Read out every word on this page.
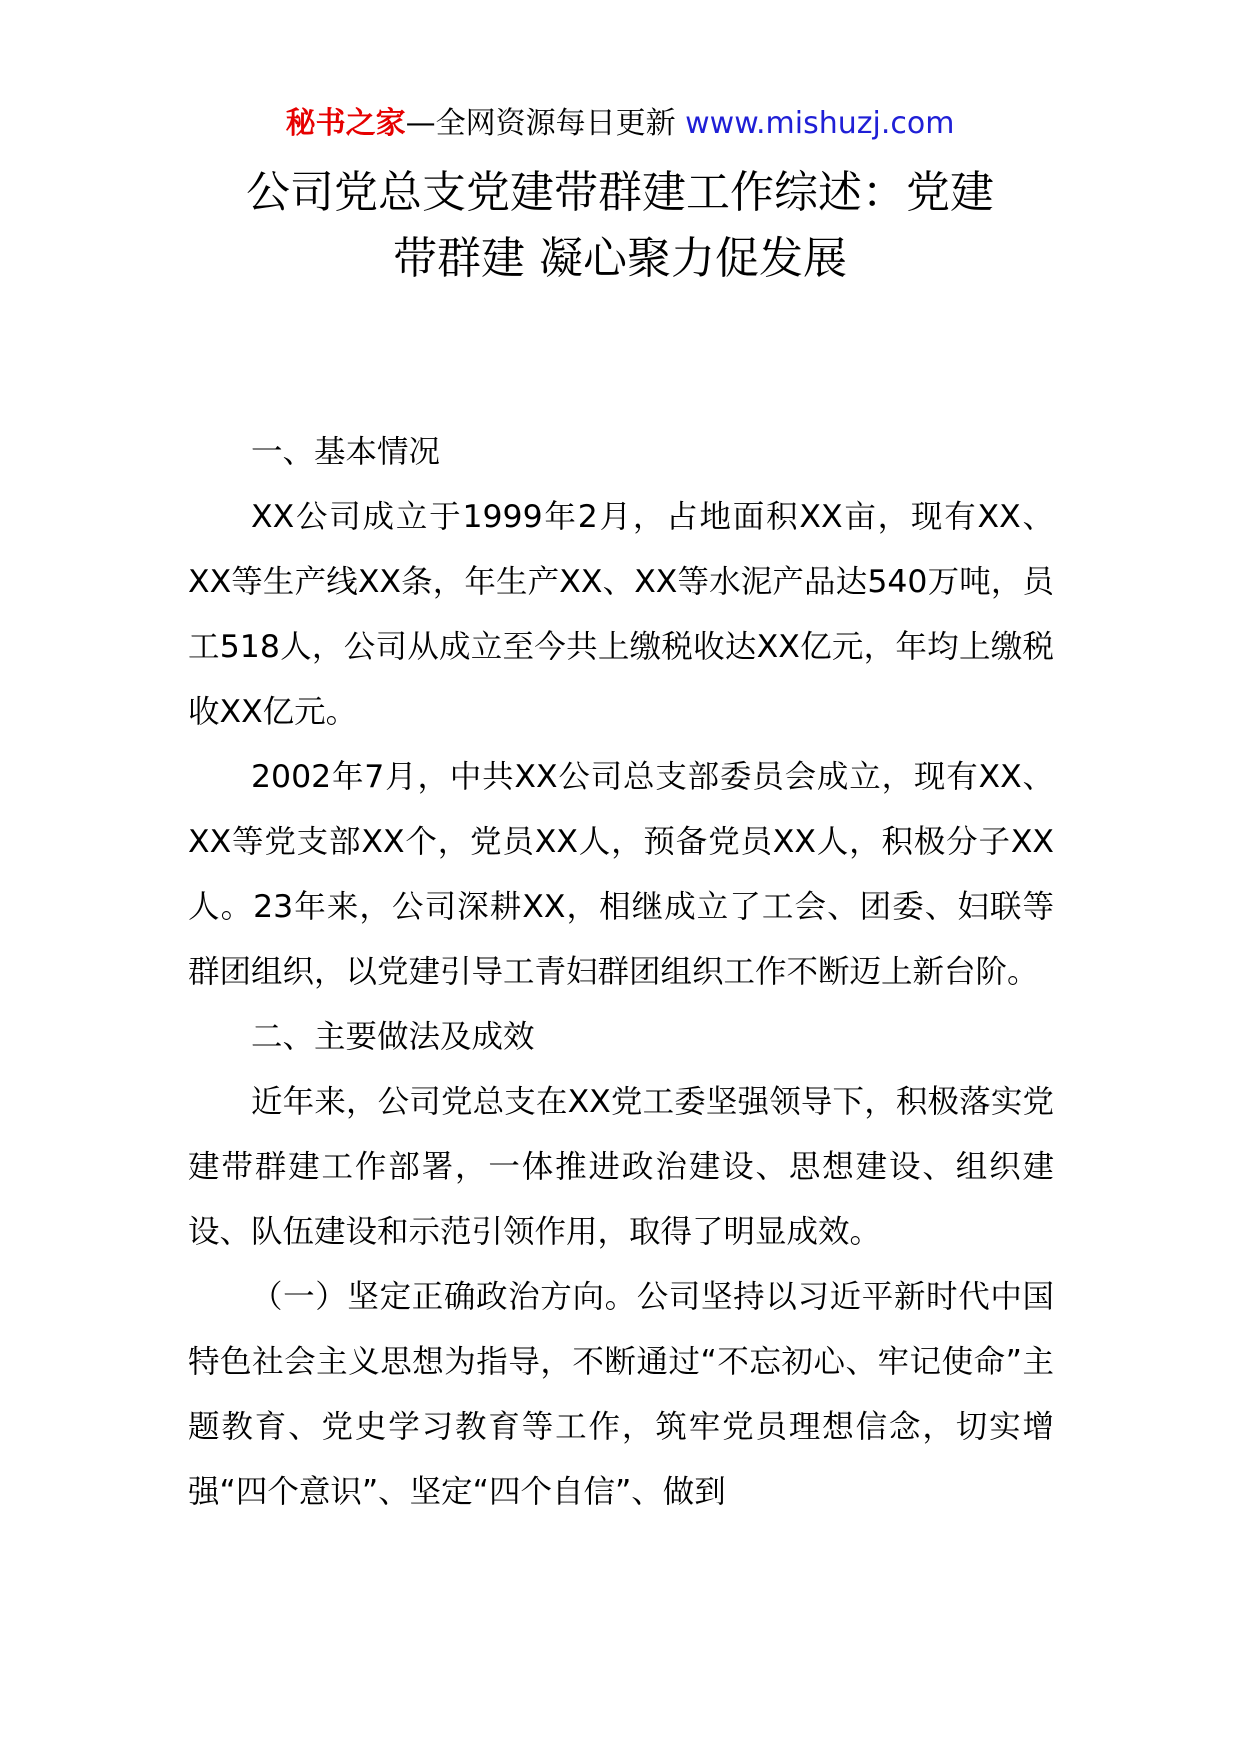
秘书之家—全网资源每日更新 www.mishuzj.com
公司党总支党建带群建工作综述：党建
带群建 凝心聚力促发展

一、基本情况

XX公司成立于1999年2月，占地面积XX亩，现有XX、XX等生产线XX条，年生产XX、XX等水泥产品达540万吨，员工518人，公司从成立至今共上缴税收达XX亿元，年均上缴税收XX亿元。

2002年7月，中共XX公司总支部委员会成立，现有XX、XX等党支部XX个，党员XX人，预备党员XX人，积极分子XX人。23年来，公司深耕XX，相继成立了工会、团委、妇联等群团组织，以党建引导工青妇群团组织工作不断迈上新台阶。

二、主要做法及成效

近年来，公司党总支在XX党工委坚强领导下，积极落实党建带群建工作部署，一体推进政治建设、思想建设、组织建设、队伍建设和示范引领作用，取得了明显成效。

（一）坚定正确政治方向。公司坚持以习近平新时代中国特色社会主义思想为指导，不断通过“不忘初心、牢记使命”主题教育、党史学习教育等工作，筑牢党员理想信念，切实增强“四个意识”、坚定“四个自信”、做到
